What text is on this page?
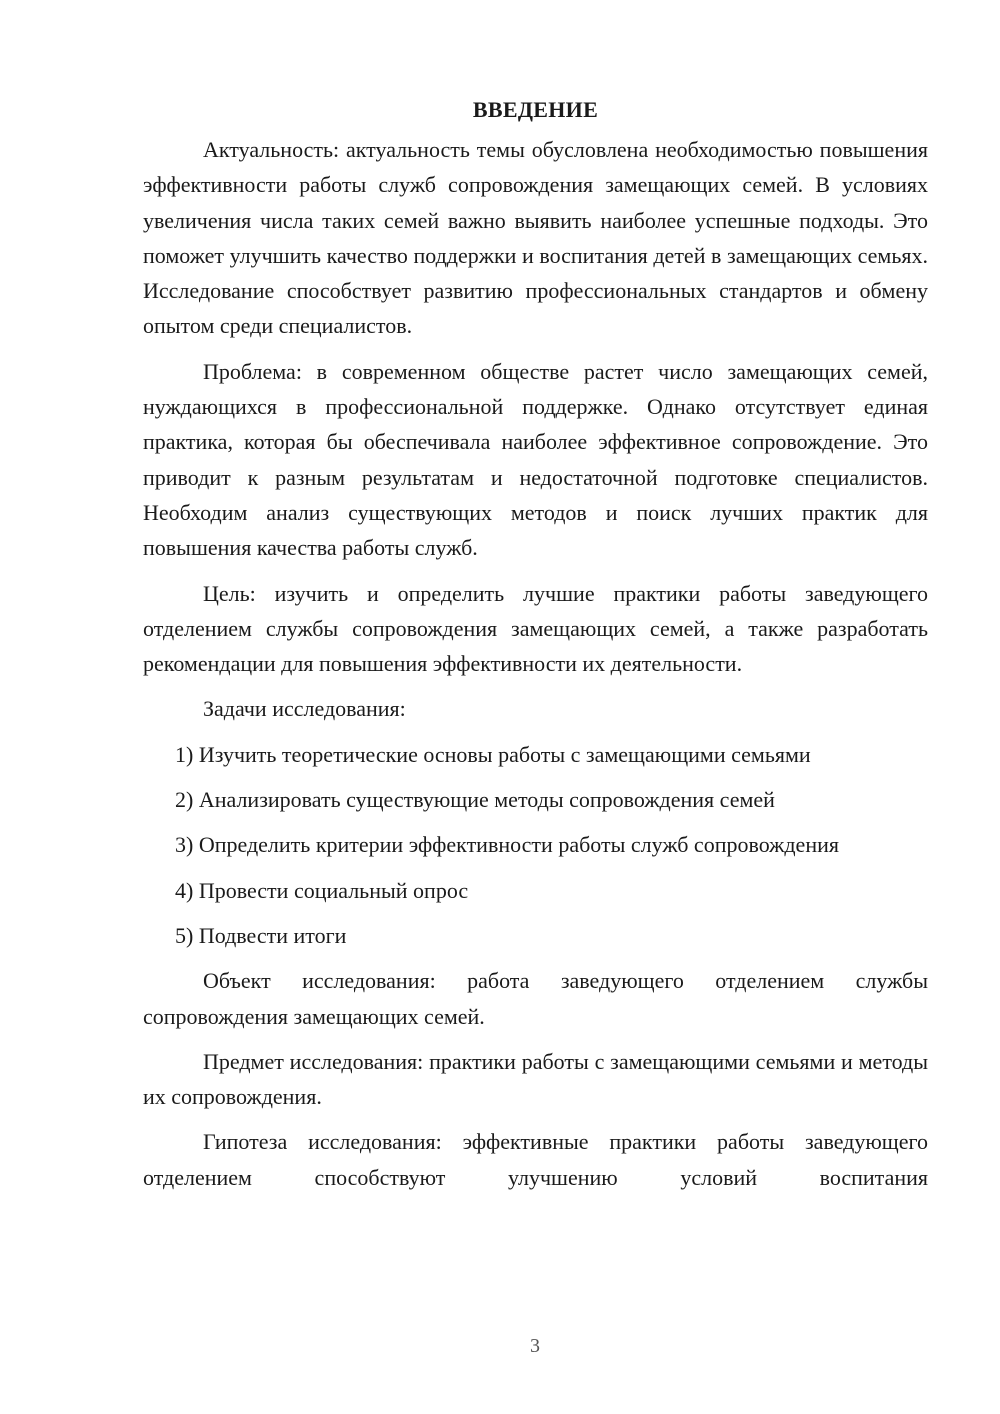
ВВЕДЕНИЕ

Актуальность: актуальность темы обусловлена необходимостью повышения эффективности работы служб сопровождения замещающих семей. В условиях увеличения числа таких семей важно выявить наиболее успешные подходы. Это поможет улучшить качество поддержки и воспитания детей в замещающих семьях. Исследование способствует развитию профессиональных стандартов и обмену опытом среди специалистов.

Проблема: в современном обществе растет число замещающих семей, нуждающихся в профессиональной поддержке. Однако отсутствует единая практика, которая бы обеспечивала наиболее эффективное сопровождение. Это приводит к разным результатам и недостаточной подготовке специалистов. Необходим анализ существующих методов и поиск лучших практик для повышения качества работы служб.

Цель: изучить и определить лучшие практики работы заведующего отделением службы сопровождения замещающих семей, а также разработать рекомендации для повышения эффективности их деятельности.

Задачи исследования:

1) Изучить теоретические основы работы с замещающими семьями
2) Анализировать существующие методы сопровождения семей
3) Определить критерии эффективности работы служб сопровождения
4) Провести социальный опрос
5) Подвести итоги

Объект исследования: работа заведующего отделением службы сопровождения замещающих семей.

Предмет исследования: практики работы с замещающими семьями и методы их сопровождения.

Гипотеза исследования: эффективные практики работы заведующего отделением способствуют улучшению условий воспитания

3
